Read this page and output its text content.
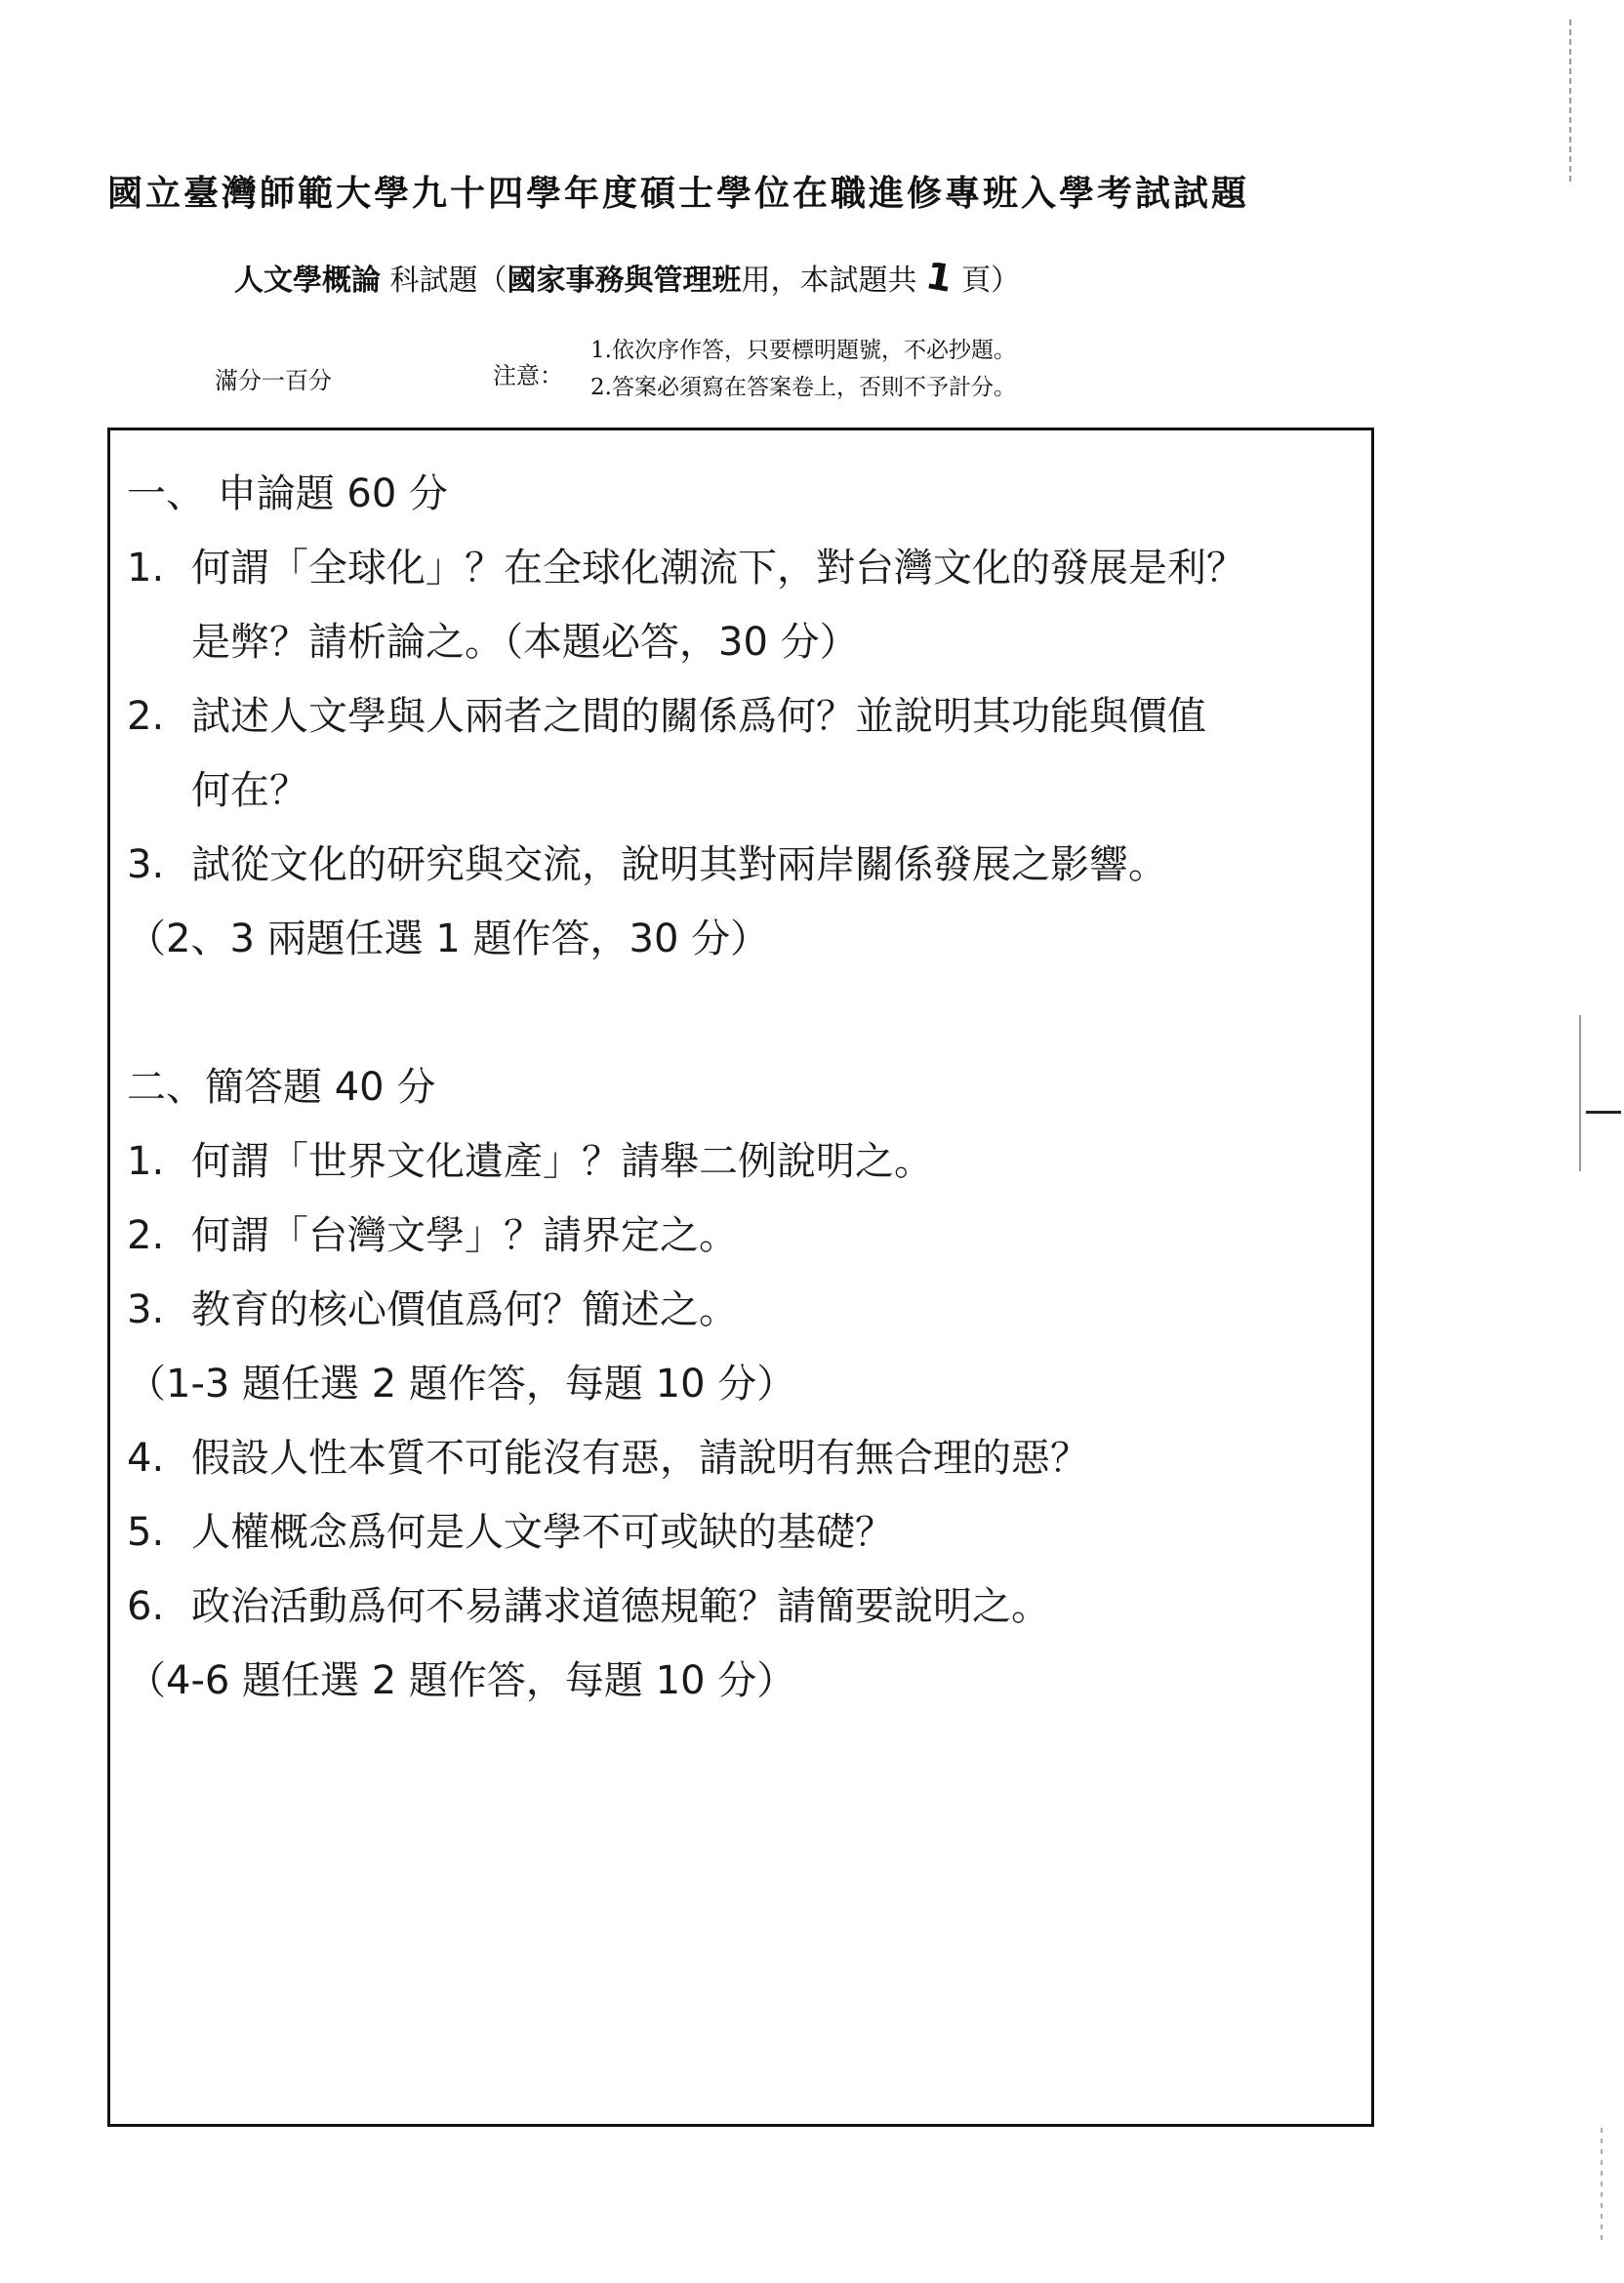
國立臺灣師範大學九十四學年度碩士學位在職進修專班入學考試試題
人文學概論 科試題（國家事務與管理班用，本試題共 1 頁）
滿分一百分	注意：
1.依次序作答，只要標明題號，不必抄題。
2.答案必須寫在答案卷上，否則不予計分。
一、 申論題 60 分
1. 何謂「全球化」？在全球化潮流下，對台灣文化的發展是利？
是弊？請析論之。（本題必答，30 分）
2. 試述人文學與人兩者之間的關係爲何？並說明其功能與價值
何在？
3. 試從文化的研究與交流，說明其對兩岸關係發展之影響。
（2、3 兩題任選 1 題作答，30 分）
二、簡答題 40 分
1. 何謂「世界文化遺產」？請舉二例說明之。
2. 何謂「台灣文學」？請界定之。
3. 教育的核心價值爲何？簡述之。
（1-3 題任選 2 題作答，每題 10 分）
4. 假設人性本質不可能沒有惡，請說明有無合理的惡？
5. 人權概念爲何是人文學不可或缺的基礎？
6. 政治活動爲何不易講求道德規範？請簡要說明之。
（4-6 題任選 2 題作答，每題 10 分）
